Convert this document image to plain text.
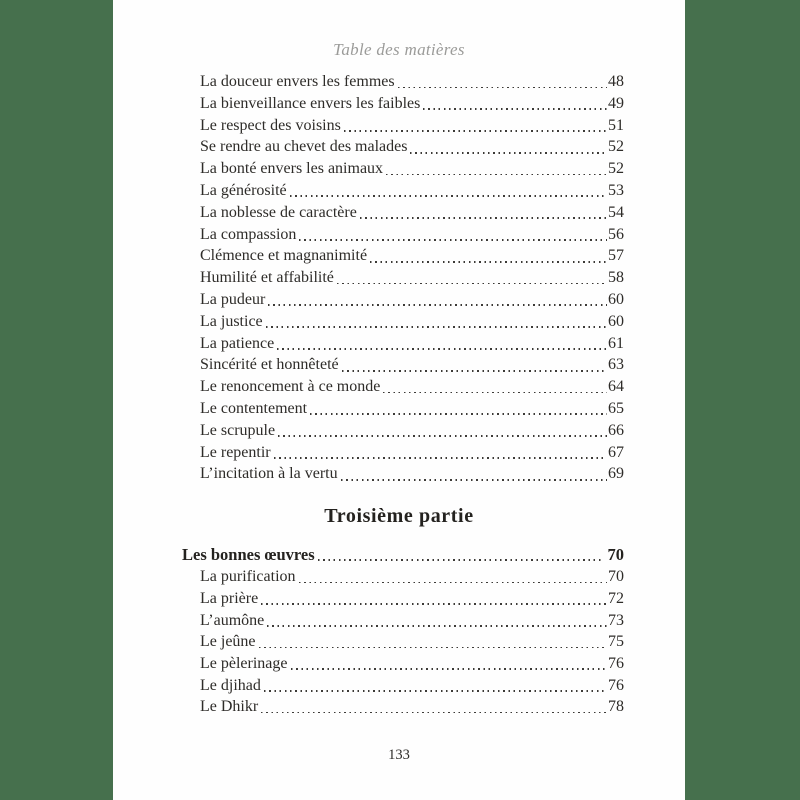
Table des matières
La douceur envers les femmes	48
La bienveillance envers les faibles	49
Le respect des voisins	51
Se rendre au chevet des malades	52
La bonté envers les animaux	52
La générosité	53
La noblesse de caractère	54
La compassion	56
Clémence et magnanimité	57
Humilité et affabilité	58
La pudeur	60
La justice	60
La patience	61
Sincérité et honnêteté	63
Le renoncement à ce monde	64
Le contentement	65
Le scrupule	66
Le repentir	67
L’incitation à la vertu	69
Troisième partie
Les bonnes œuvres	70
La purification	70
La prière	72
L’aumône	73
Le jeûne	75
Le pèlerinage	76
Le djihad	76
Le Dhikr	78
133
